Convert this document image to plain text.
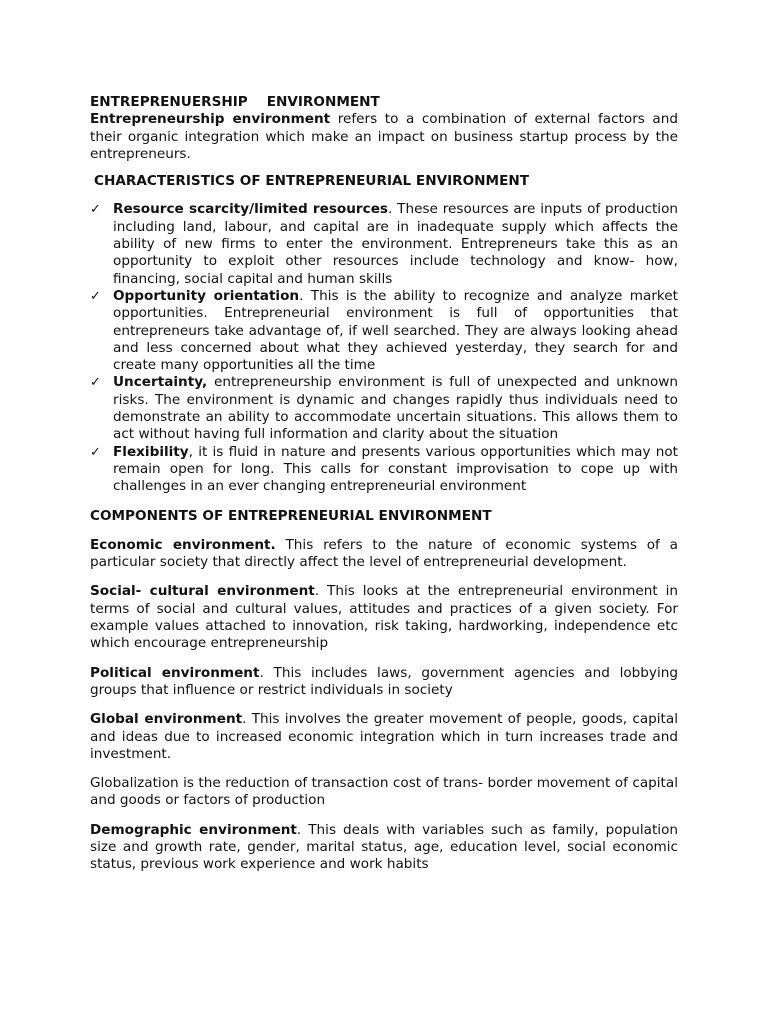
ENTREPRENUERSHIP    ENVIRONMENT

Entrepreneurship environment refers to a combination of external factors and their organic integration which make an impact on business startup process by the entrepreneurs.

CHARACTERISTICS OF ENTREPRENEURIAL ENVIRONMENT
✓ Resource scarcity/limited resources. These resources are inputs of production including land, labour, and capital are in inadequate supply which affects the ability of new firms to enter the environment. Entrepreneurs take this as an opportunity to exploit other resources include technology and know- how, financing, social capital and human skills
✓ Opportunity orientation. This is the ability to recognize and analyze market opportunities. Entrepreneurial environment is full of opportunities that entrepreneurs take advantage of, if well searched. They are always looking ahead and less concerned about what they achieved yesterday, they search for and create many opportunities all the time
✓ Uncertainty, entrepreneurship environment is full of unexpected and unknown risks. The environment is dynamic and changes rapidly thus individuals need to demonstrate an ability to accommodate uncertain situations. This allows them to act without having full information and clarity about the situation
✓ Flexibility, it is fluid in nature and presents various opportunities which may not remain open for long. This calls for constant improvisation to cope up with challenges in an ever changing entrepreneurial environment
COMPONENTS OF ENTREPRENEURIAL ENVIRONMENT

Economic environment. This refers to the nature of economic systems of a particular society that directly affect the level of entrepreneurial development.

Social- cultural environment. This looks at the entrepreneurial environment in terms of social and cultural values, attitudes and practices of a given society. For example values attached to innovation, risk taking, hardworking, independence etc which encourage entrepreneurship

Political environment. This includes laws, government agencies and lobbying groups that influence or restrict individuals in society

Global environment. This involves the greater movement of people, goods, capital and ideas due to increased economic integration which in turn increases trade and investment.

Globalization is the reduction of transaction cost of trans- border movement of capital and goods or factors of production

Demographic environment. This deals with variables such as family, population size and growth rate, gender, marital status, age, education level, social economic status, previous work experience and work habits
